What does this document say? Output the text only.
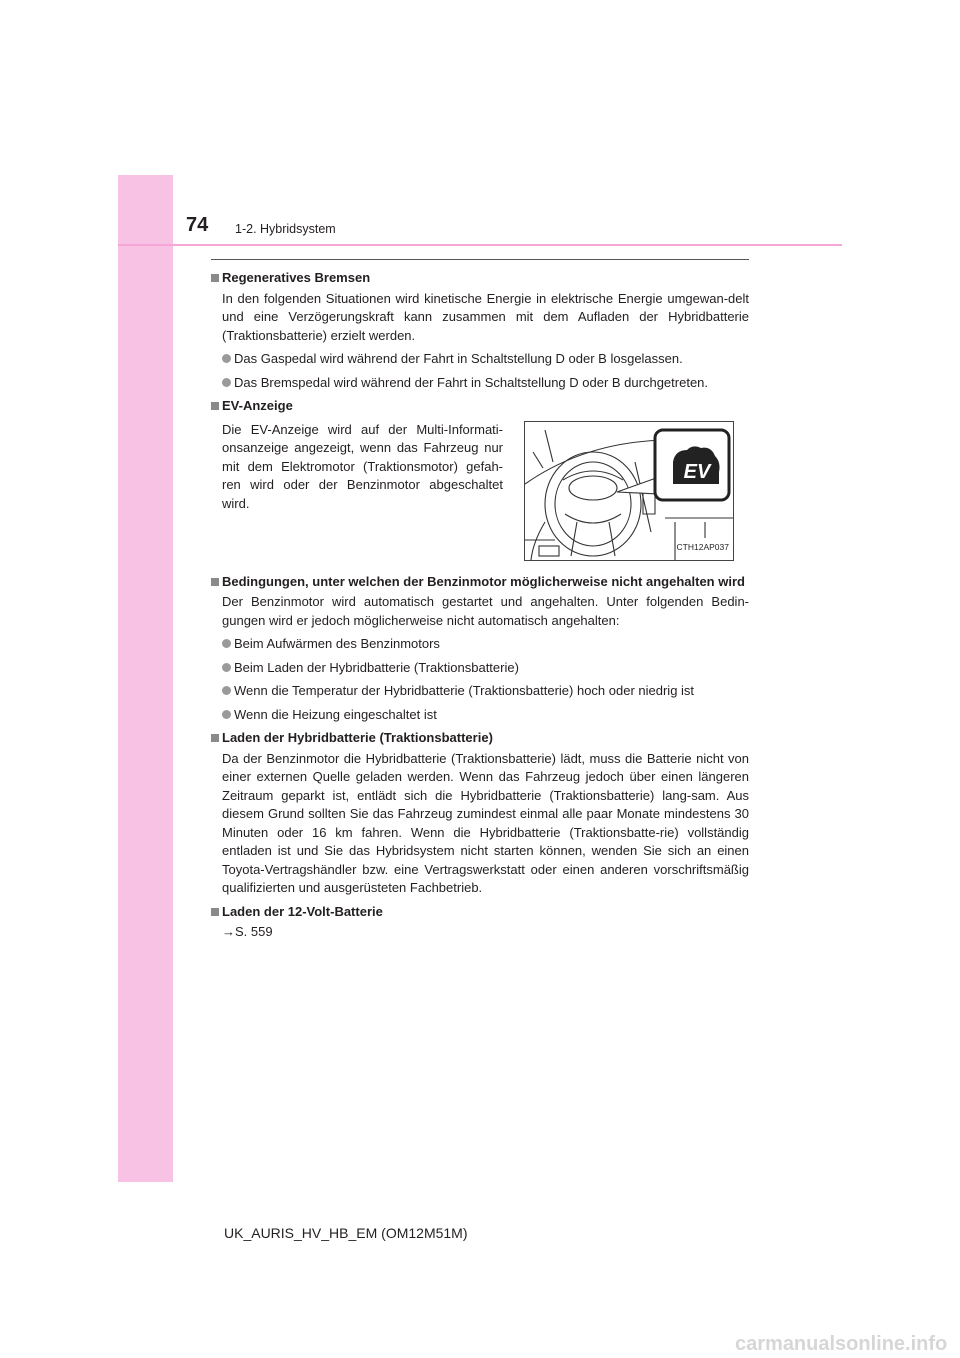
74 1-2. Hybridsystem
Regeneratives Bremsen
In den folgenden Situationen wird kinetische Energie in elektrische Energie umgewan-delt und eine Verzögerungskraft kann zusammen mit dem Aufladen der Hybridbatterie (Traktionsbatterie) erzielt werden.
Das Gaspedal wird während der Fahrt in Schaltstellung D oder B losgelassen.
Das Bremspedal wird während der Fahrt in Schaltstellung D oder B durchgetreten.
EV-Anzeige
Die EV-Anzeige wird auf der Multi-Informati-onsanzeige angezeigt, wenn das Fahrzeug nur mit dem Elektromotor (Traktionsmotor) gefah-ren wird oder der Benzinmotor abgeschaltet wird.
EV
CTH12AP037
Bedingungen, unter welchen der Benzinmotor möglicherweise nicht angehalten wird
Der Benzinmotor wird automatisch gestartet und angehalten. Unter folgenden Bedin-gungen wird er jedoch möglicherweise nicht automatisch angehalten:
Beim Aufwärmen des Benzinmotors
Beim Laden der Hybridbatterie (Traktionsbatterie)
Wenn die Temperatur der Hybridbatterie (Traktionsbatterie) hoch oder niedrig ist
Wenn die Heizung eingeschaltet ist
Laden der Hybridbatterie (Traktionsbatterie)
Da der Benzinmotor die Hybridbatterie (Traktionsbatterie) lädt, muss die Batterie nicht von einer externen Quelle geladen werden. Wenn das Fahrzeug jedoch über einen längeren Zeitraum geparkt ist, entlädt sich die Hybridbatterie (Traktionsbatterie) lang-sam. Aus diesem Grund sollten Sie das Fahrzeug zumindest einmal alle paar Monate mindestens 30 Minuten oder 16 km fahren. Wenn die Hybridbatterie (Traktionsbatte-rie) vollständig entladen ist und Sie das Hybridsystem nicht starten können, wenden Sie sich an einen Toyota-Vertragshändler bzw. eine Vertragswerkstatt oder einen anderen vorschriftsmäßig qualifizierten und ausgerüsteten Fachbetrieb.
Laden der 12-Volt-Batterie
→S. 559
UK_AURIS_HV_HB_EM (OM12M51M)
carmanualsonline.info
